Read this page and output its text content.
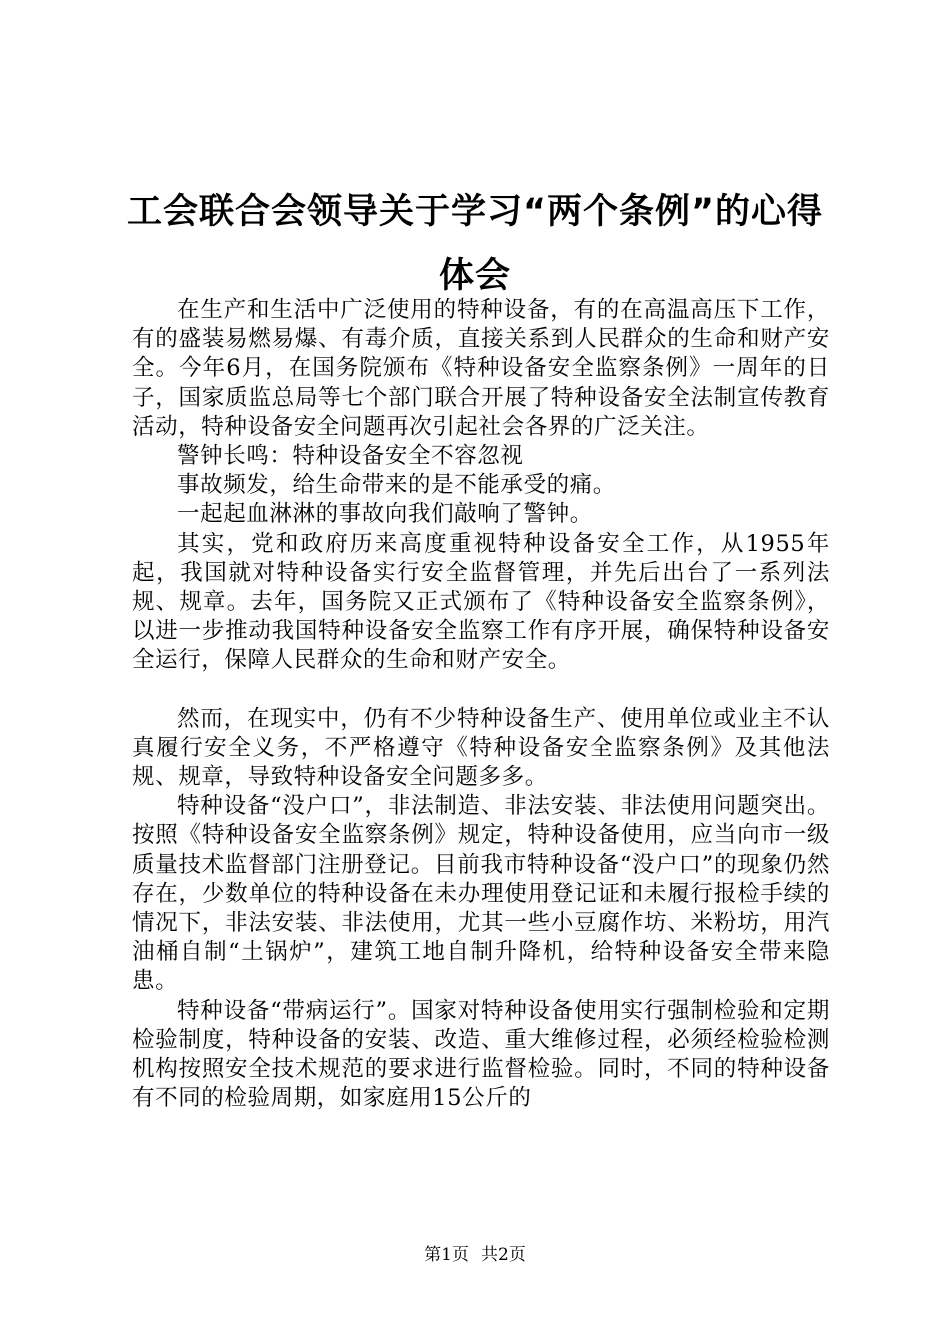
工会联合会领导关于学习“两个条例”的心得体会

在生产和生活中广泛使用的特种设备，有的在高温高压下工作，有的盛装易燃易爆、有毒介质，直接关系到人民群众的生命和财产安全。今年6月，在国务院颁布《特种设备安全监察条例》一周年的日子，国家质监总局等七个部门联合开展了特种设备安全法制宣传教育活动，特种设备安全问题再次引起社会各界的广泛关注。

警钟长鸣：特种设备安全不容忽视

事故频发，给生命带来的是不能承受的痛。

一起起血淋淋的事故向我们敲响了警钟。

其实，党和政府历来高度重视特种设备安全工作，从1955年起，我国就对特种设备实行安全监督管理，并先后出台了一系列法规、规章。去年，国务院又正式颁布了《特种设备安全监察条例》，以进一步推动我国特种设备安全监察工作有序开展，确保特种设备安全运行，保障人民群众的生命和财产安全。

然而，在现实中，仍有不少特种设备生产、使用单位或业主不认真履行安全义务，不严格遵守《特种设备安全监察条例》及其他法规、规章，导致特种设备安全问题多多。

特种设备“没户口”，非法制造、非法安装、非法使用问题突出。按照《特种设备安全监察条例》规定，特种设备使用，应当向市一级质量技术监督部门注册登记。目前我市特种设备“没户口”的现象仍然存在，少数单位的特种设备在未办理使用登记证和未履行报检手续的情况下，非法安装、非法使用，尤其一些小豆腐作坊、米粉坊，用汽油桶自制“土锅炉”，建筑工地自制升降机，给特种设备安全带来隐患。

特种设备“带病运行”。国家对特种设备使用实行强制检验和定期检验制度，特种设备的安装、改造、重大维修过程，必须经检验检测机构按照安全技术规范的要求进行监督检验。同时，不同的特种设备有不同的检验周期，如家庭用15公斤的

第1页 共2页
